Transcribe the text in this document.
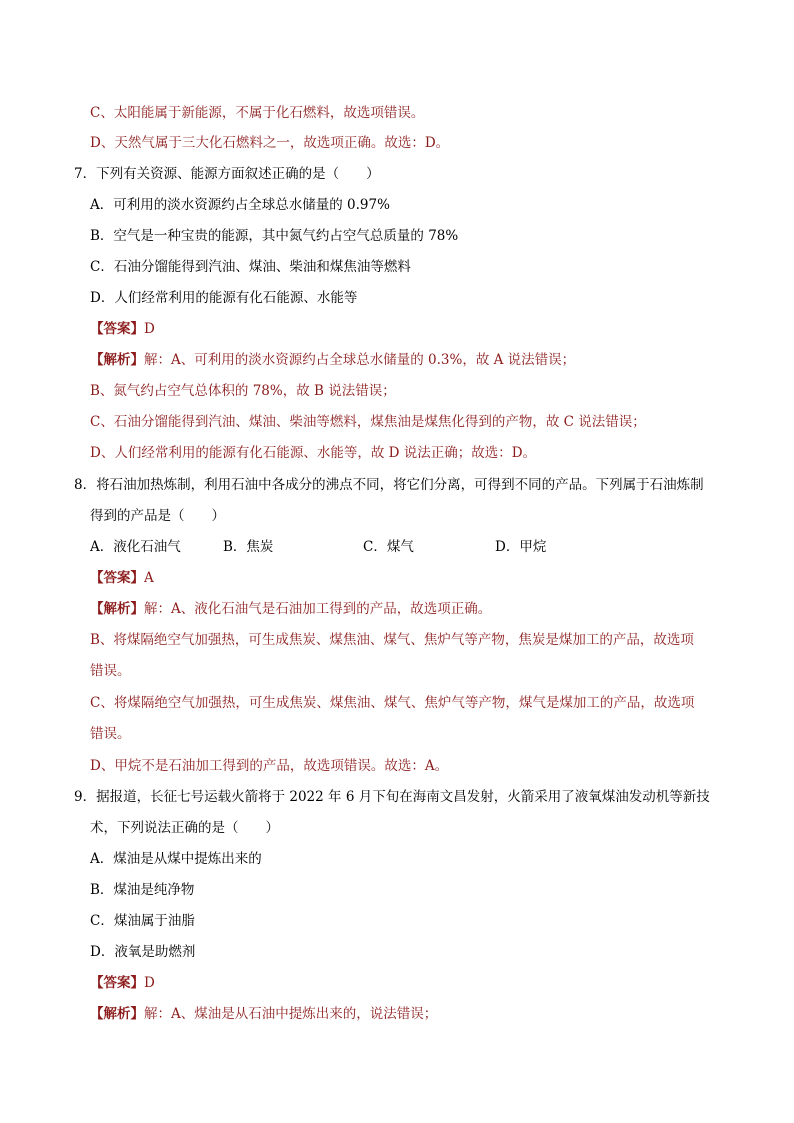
C、太阳能属于新能源，不属于化石燃料，故选项错误。
D、天然气属于三大化石燃料之一，故选项正确。故选：D。
7．下列有关资源、能源方面叙述正确的是（　　）
A．可利用的淡水资源约占全球总水储量的 0.97%
B．空气是一种宝贵的能源，其中氮气约占空气总质量的 78%
C．石油分馏能得到汽油、煤油、柴油和煤焦油等燃料
D．人们经常利用的能源有化石能源、水能等
【答案】D
【解析】解：A、可利用的淡水资源约占全球总水储量的 0.3%，故 A 说法错误；
B、氮气约占空气总体积的 78%，故 B 说法错误；
C、石油分馏能得到汽油、煤油、柴油等燃料，煤焦油是煤焦化得到的产物，故 C 说法错误；
D、人们经常利用的能源有化石能源、水能等，故 D 说法正确；故选：D。
8．将石油加热炼制，利用石油中各成分的沸点不同，将它们分离，可得到不同的产品。下列属于石油炼制
得到的产品是（　　）
A．液化石油气	B．焦炭	C．煤气	D．甲烷
【答案】A
【解析】解：A、液化石油气是石油加工得到的产品，故选项正确。
B、将煤隔绝空气加强热，可生成焦炭、煤焦油、煤气、焦炉气等产物，焦炭是煤加工的产品，故选项
错误。
C、将煤隔绝空气加强热，可生成焦炭、煤焦油、煤气、焦炉气等产物，煤气是煤加工的产品，故选项
错误。
D、甲烷不是石油加工得到的产品，故选项错误。故选：A。
9．据报道，长征七号运载火箭将于 2022 年 6 月下旬在海南文昌发射，火箭采用了液氧煤油发动机等新技
术，下列说法正确的是（　　）
A．煤油是从煤中提炼出来的
B．煤油是纯净物
C．煤油属于油脂
D．液氧是助燃剂
【答案】D
【解析】解：A、煤油是从石油中提炼出来的，说法错误；
